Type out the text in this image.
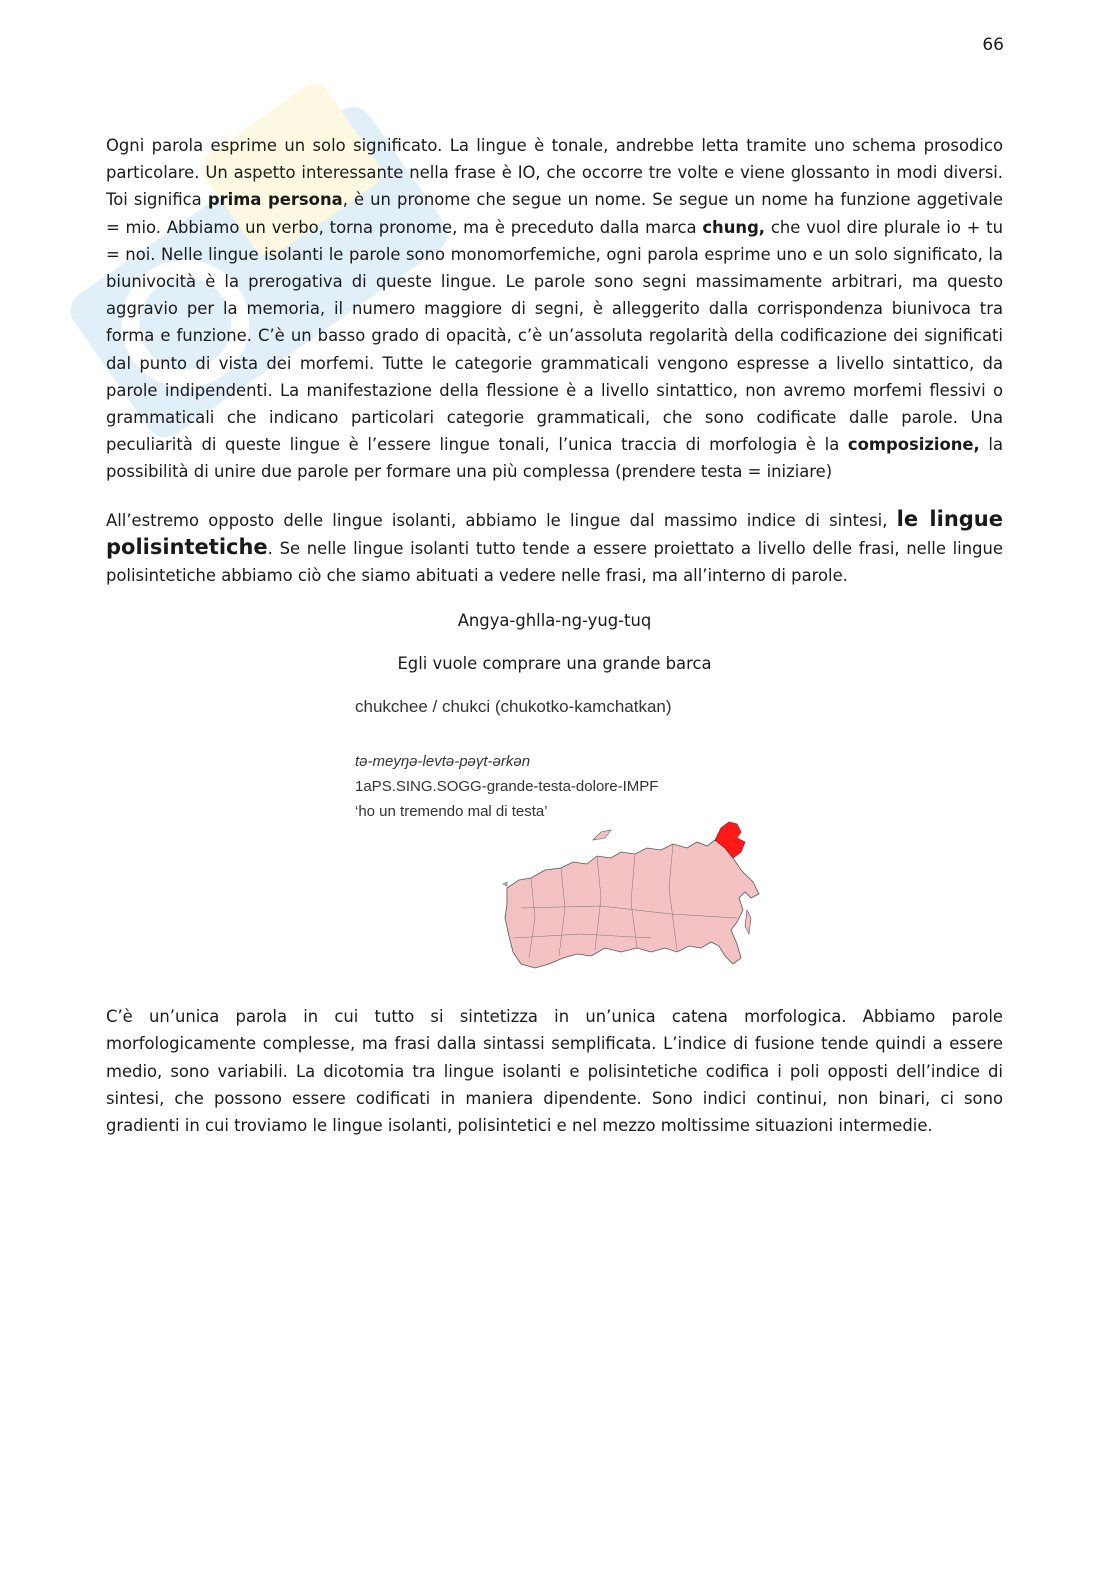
66

Ogni parola esprime un solo significato. La lingue è tonale, andrebbe letta tramite uno schema prosodico particolare. Un aspetto interessante nella frase è IO, che occorre tre volte e viene glossanto in modi diversi. Toi significa prima persona, è un pronome che segue un nome. Se segue un nome ha funzione aggetivale = mio. Abbiamo un verbo, torna pronome, ma è preceduto dalla marca chung, che vuol dire plurale io + tu = noi. Nelle lingue isolanti le parole sono monomorfemiche, ogni parola esprime uno e un solo significato, la biunivocità è la prerogativa di queste lingue. Le parole sono segni massimamente arbitrari, ma questo aggravio per la memoria, il numero maggiore di segni, è alleggerito dalla corrispondenza biunivoca tra forma e funzione. C’è un basso grado di opacità, c’è un’assoluta regolarità della codificazione dei significati dal punto di vista dei morfemi. Tutte le categorie grammaticali vengono espresse a livello sintattico, da parole indipendenti. La manifestazione della flessione è a livello sintattico, non avremo morfemi flessivi o grammaticali che indicano particolari categorie grammaticali, che sono codificate dalle parole. Una peculiarità di queste lingue è l’essere lingue tonali, l’unica traccia di morfologia è la composizione, la possibilità di unire due parole per formare una più complessa (prendere testa = iniziare)

All’estremo opposto delle lingue isolanti, abbiamo le lingue dal massimo indice di sintesi, le lingue polisintetiche. Se nelle lingue isolanti tutto tende a essere proiettato a livello delle frasi, nelle lingue polisintetiche abbiamo ciò che siamo abituati a vedere nelle frasi, ma all’interno di parole.

Angya-ghlla-ng-yug-tuq
Egli vuole comprare una grande barca
chukchee / chukci (chukotko-kamchatkan)
tə-meyŋə-levtə-pəγt-ərkən
1aPS.SING.SOGG-grande-testa-dolore-IMPF
‘ho un tremendo mal di testa’

C’è un’unica parola in cui tutto si sintetizza in un’unica catena morfologica. Abbiamo parole morfologicamente complesse, ma frasi dalla sintassi semplificata. L’indice di fusione tende quindi a essere medio, sono variabili. La dicotomia tra lingue isolanti e polisintetiche codifica i poli opposti dell’indice di sintesi, che possono essere codificati in maniera dipendente. Sono indici continui, non binari, ci sono gradienti in cui troviamo le lingue isolanti, polisintetici e nel mezzo moltissime situazioni intermedie.
